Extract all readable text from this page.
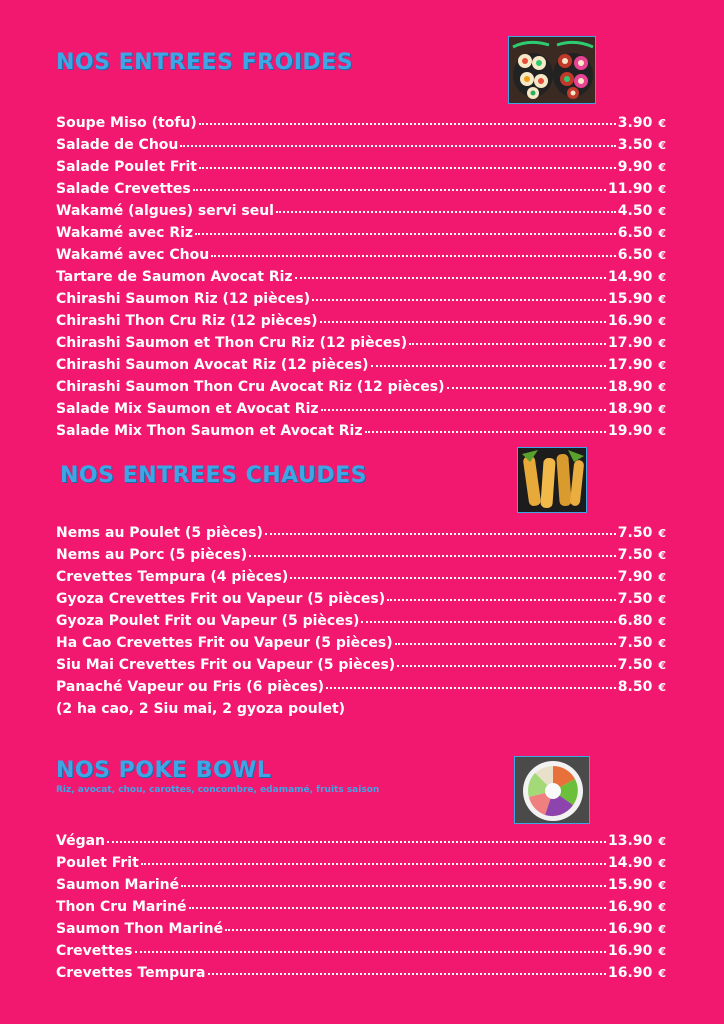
NOS ENTREES FROIDES
Soupe Miso (tofu)	3.90 €
Salade de Chou	3.50 €
Salade Poulet Frit	9.90 €
Salade Crevettes	11.90 €
Wakamé (algues) servi seul	4.50 €
Wakamé avec Riz	6.50 €
Wakamé avec Chou	6.50 €
Tartare de Saumon Avocat Riz	14.90 €
Chirashi Saumon Riz (12 pièces)	15.90 €
Chirashi Thon Cru Riz (12 pièces)	16.90 €
Chirashi Saumon et Thon Cru Riz (12 pièces)	17.90 €
Chirashi Saumon Avocat Riz (12 pièces)	17.90 €
Chirashi Saumon Thon Cru Avocat Riz (12 pièces)	18.90 €
Salade Mix Saumon et Avocat Riz	18.90 €
Salade Mix Thon Saumon et Avocat Riz	19.90 €
NOS ENTREES CHAUDES
Nems au Poulet (5 pièces)	7.50 €
Nems au Porc (5 pièces)	7.50 €
Crevettes Tempura (4 pièces)	7.90 €
Gyoza Crevettes Frit ou Vapeur (5 pièces)	7.50 €
Gyoza Poulet Frit ou Vapeur (5 pièces)	6.80 €
Ha Cao Crevettes Frit ou Vapeur (5 pièces)	7.50 €
Siu Mai Crevettes Frit ou Vapeur (5 pièces)	7.50 €
Panaché Vapeur ou Fris (6 pièces)	8.50 €
(2 ha cao, 2 Siu mai, 2 gyoza poulet)
NOS POKE BOWL
Riz, avocat, chou, carottes, concombre, edamamé, fruits saison
Végan	13.90 €
Poulet Frit	14.90 €
Saumon Mariné	15.90 €
Thon Cru Mariné	16.90 €
Saumon Thon Mariné	16.90 €
Crevettes	16.90 €
Crevettes Tempura	16.90 €
